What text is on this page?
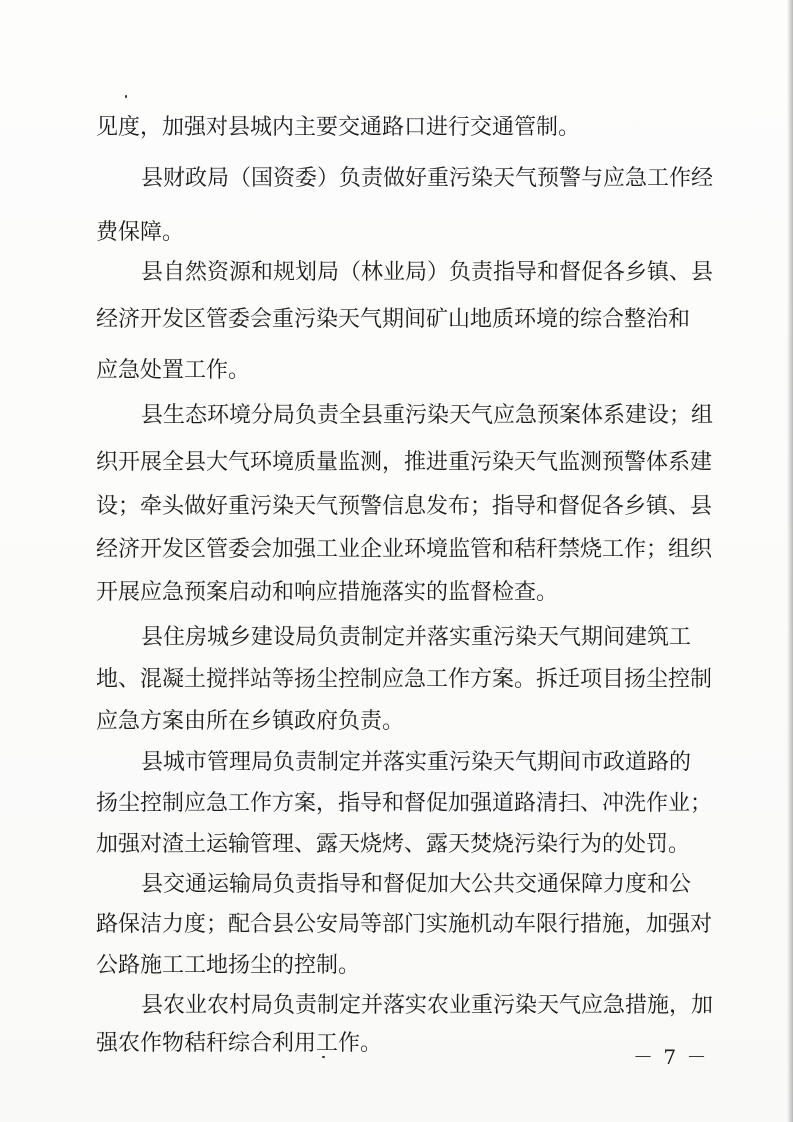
见度，加强对县城内主要交通路口进行交通管制。
县财政局（国资委）负责做好重污染天气预警与应急工作经
费保障。
县自然资源和规划局（林业局）负责指导和督促各乡镇、县
经济开发区管委会重污染天气期间矿山地质环境的综合整治和
应急处置工作。
县生态环境分局负责全县重污染天气应急预案体系建设；组
织开展全县大气环境质量监测，推进重污染天气监测预警体系建
设；牵头做好重污染天气预警信息发布；指导和督促各乡镇、县
经济开发区管委会加强工业企业环境监管和秸秆禁烧工作；组织
开展应急预案启动和响应措施落实的监督检查。
县住房城乡建设局负责制定并落实重污染天气期间建筑工
地、混凝土搅拌站等扬尘控制应急工作方案。拆迁项目扬尘控制
应急方案由所在乡镇政府负责。
县城市管理局负责制定并落实重污染天气期间市政道路的
扬尘控制应急工作方案，指导和督促加强道路清扫、冲洗作业；
加强对渣土运输管理、露天烧烤、露天焚烧污染行为的处罚。
县交通运输局负责指导和督促加大公共交通保障力度和公
路保洁力度；配合县公安局等部门实施机动车限行措施，加强对
公路施工工地扬尘的控制。
县农业农村局负责制定并落实农业重污染天气应急措施，加
强农作物秸秆综合利用工作。
－ 7 －
